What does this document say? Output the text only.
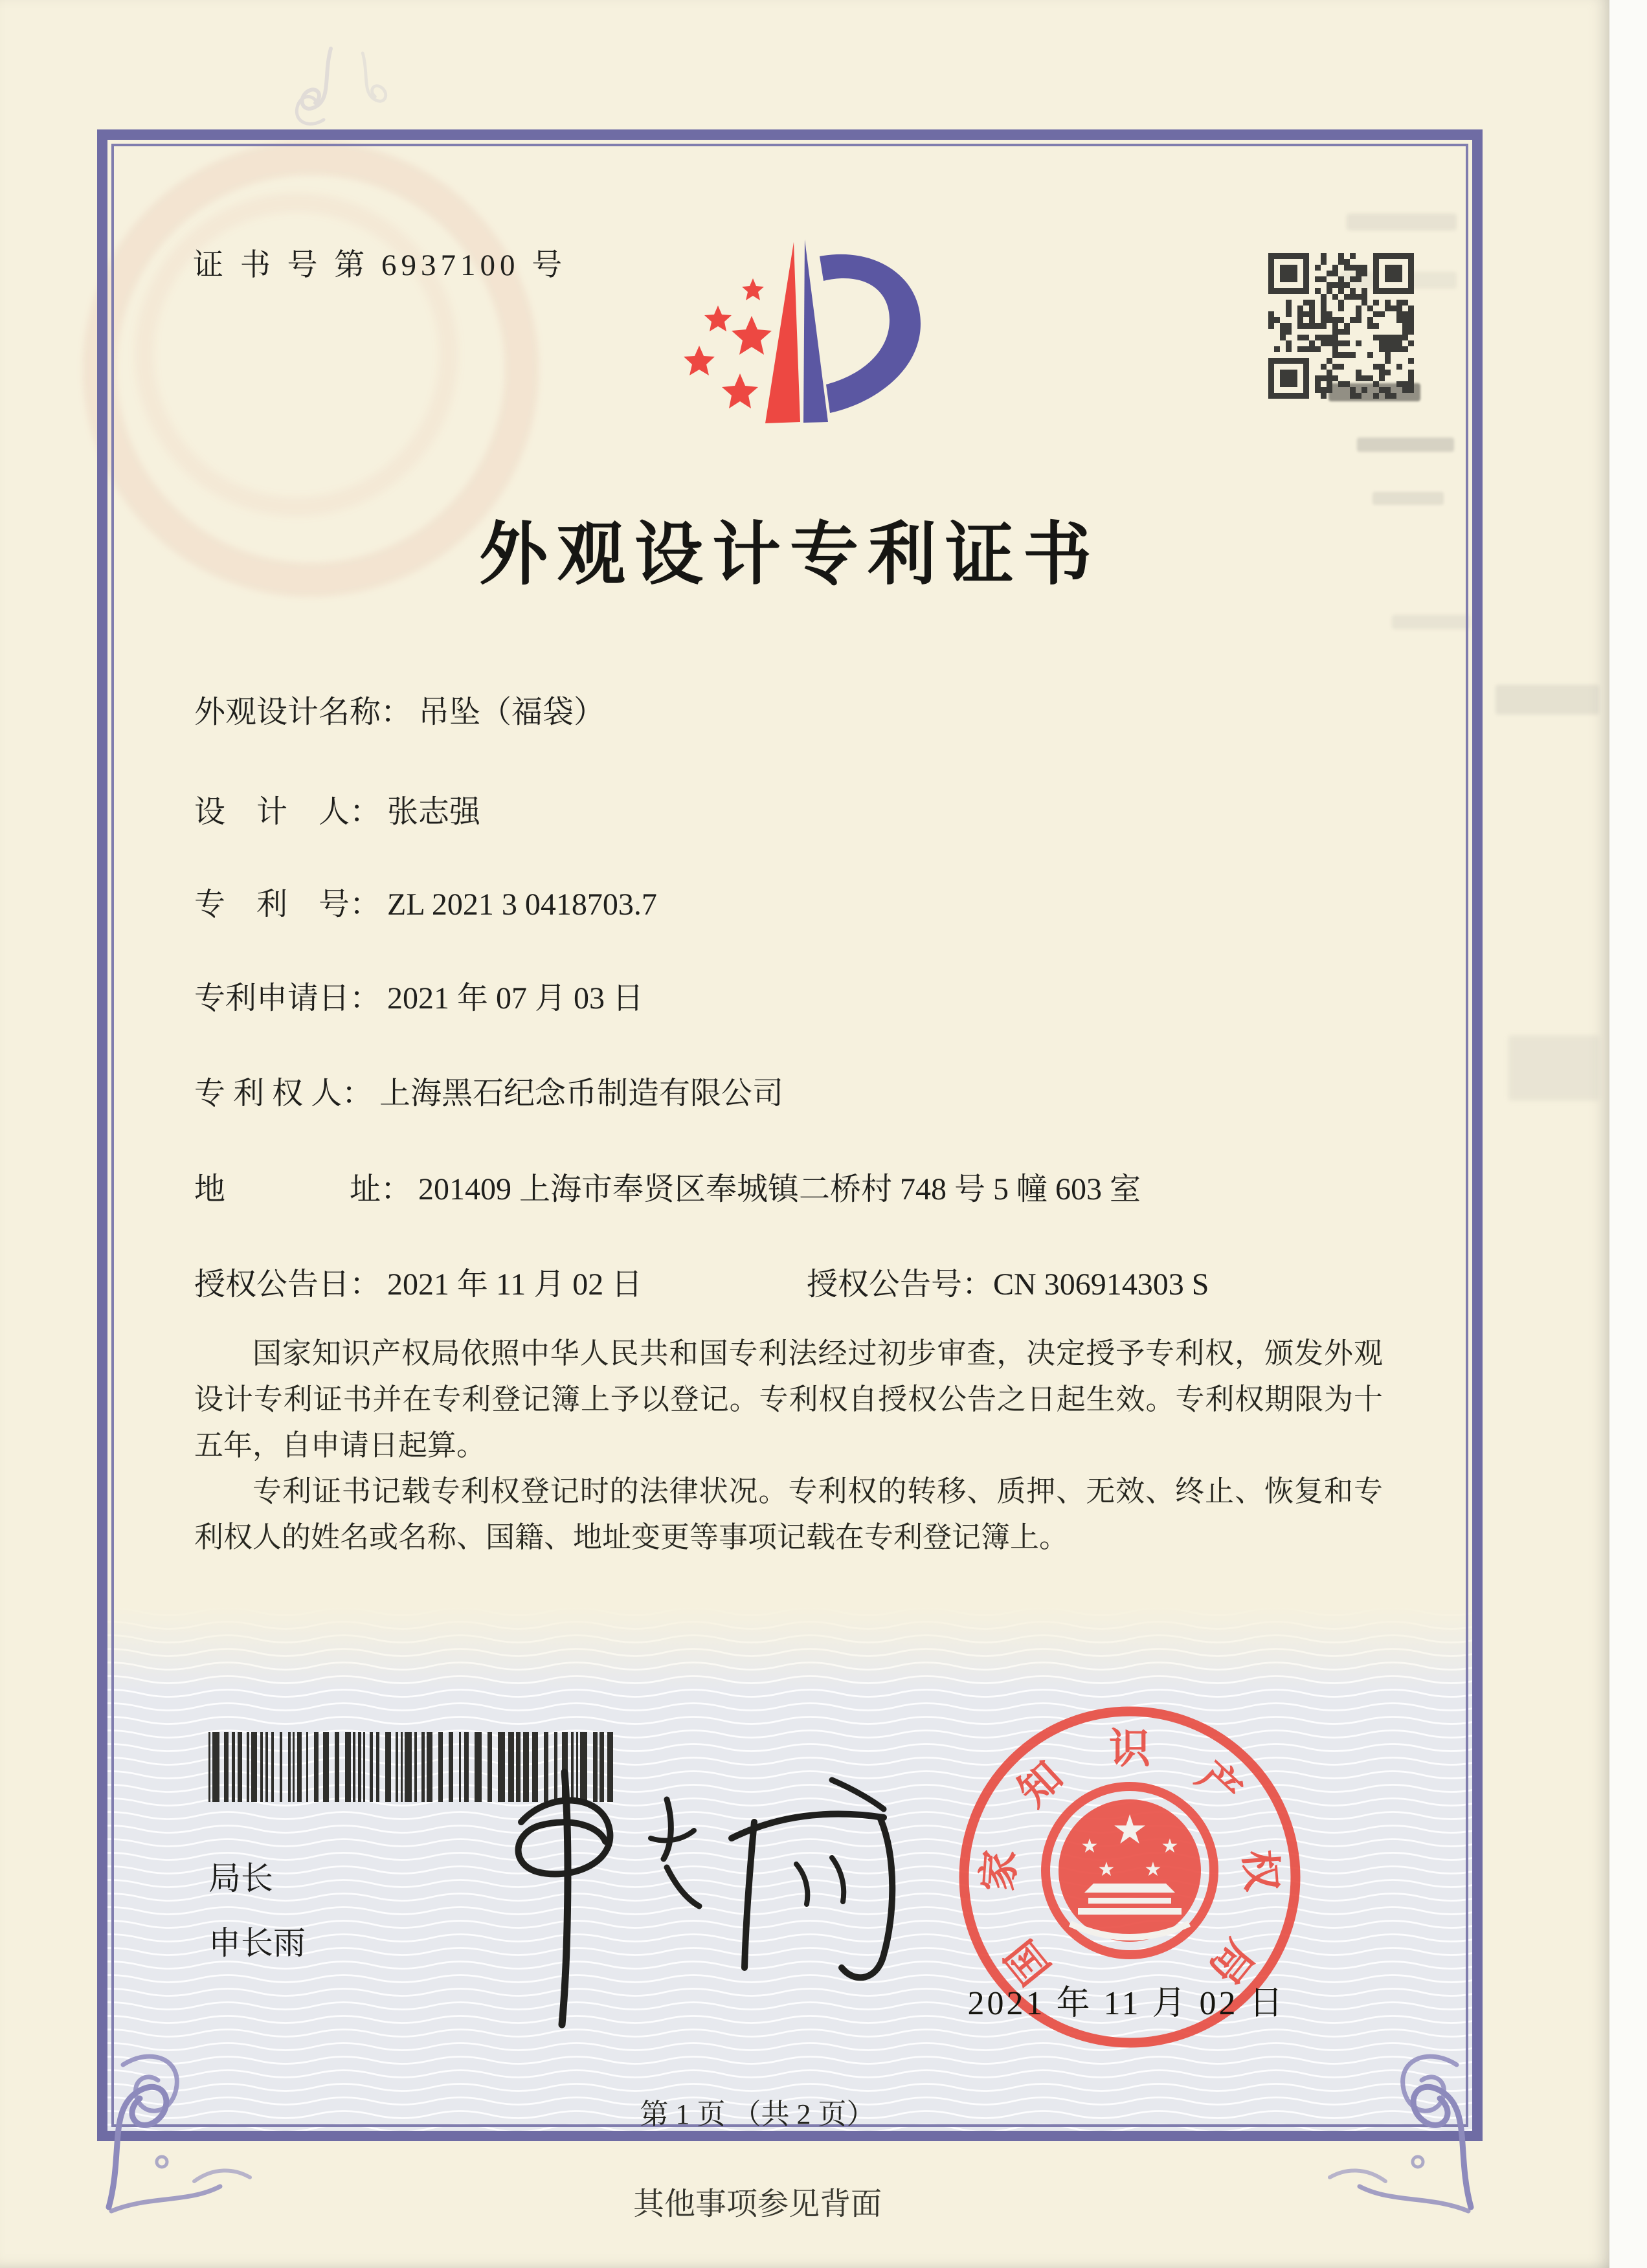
证 书 号 第 6937100 号
外观设计专利证书
外观设计名称： 吊坠（福袋）
设　计　人： 张志强
专　利　号： ZL 2021 3 0418703.7
专利申请日： 2021 年 07 月 03 日
专 利 权 人： 上海黑石纪念币制造有限公司
地　　　　址： 201409 上海市奉贤区奉城镇二桥村 748 号 5 幢 603 室
授权公告日： 2021 年 11 月 02 日	授权公告号：CN 306914303 S

国家知识产权局依照中华人民共和国专利法经过初步审查，决定授予专利权，颁发外观设计专利证书并在专利登记簿上予以登记。专利权自授权公告之日起生效。专利权期限为十五年，自申请日起算。

专利证书记载专利权登记时的法律状况。专利权的转移、质押、无效、终止、恢复和专利权人的姓名或名称、国籍、地址变更等事项记载在专利登记簿上。

局长
申长雨
★
★	★
★ ★
国
家
知
识
产
权
局
2021 年 11 月 02 日
第 1 页 （共 2 页）
其他事项参见背面
